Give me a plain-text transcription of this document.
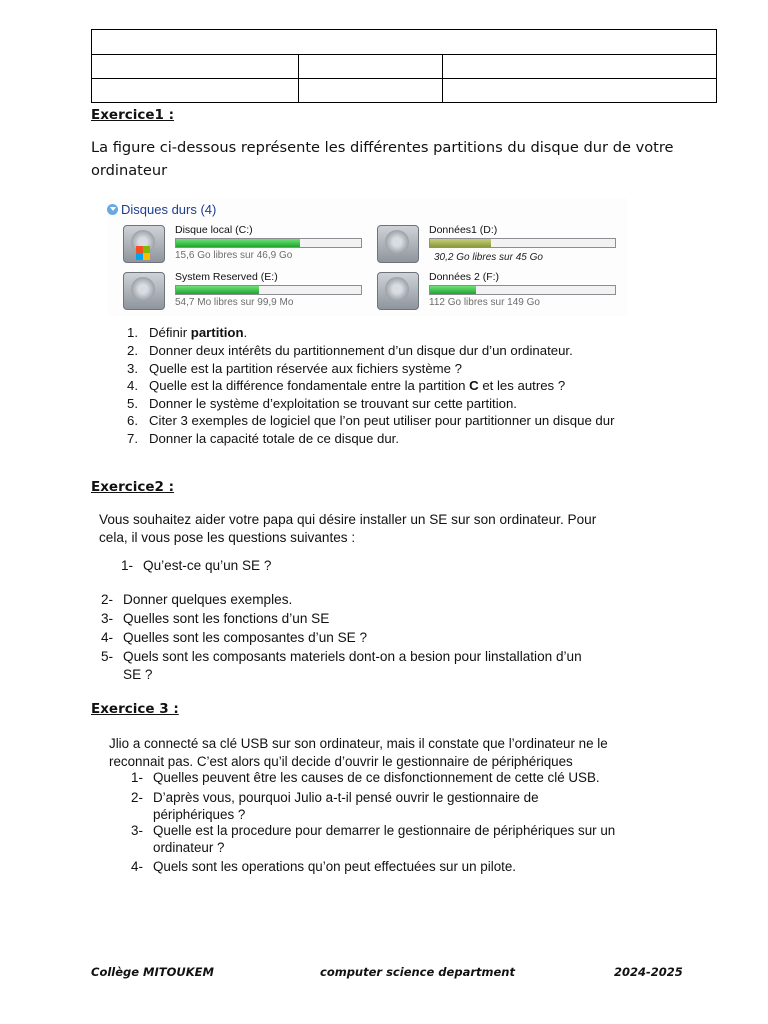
Exercice1 :
La figure ci-dessous représente les différentes partitions du disque dur de votre
ordinateur
Disques durs (4)
Disque local (C:)
15,6 Go libres sur 46,9 Go
Données1 (D:)
30,2 Go libres sur 45 Go
System Reserved (E:)
54,7 Mo libres sur 99,9 Mo
Données 2 (F:)
112 Go libres sur 149 Go
1. Définir partition.
2. Donner deux intérêts du partitionnement d’un disque dur d’un ordinateur.
3. Quelle est la partition réservée aux fichiers système ?
4. Quelle est la différence fondamentale entre la partition C et les autres ?
5. Donner le système d’exploitation se trouvant sur cette partition.
6. Citer 3 exemples de logiciel que l’on peut utiliser pour partitionner un disque dur
7. Donner la capacité totale de ce disque dur.
Exercice2 :
Vous souhaitez aider votre papa qui désire installer un SE sur son ordinateur. Pour
cela, il vous pose les questions suivantes :
1- Qu’est-ce qu’un SE ?
2- Donner quelques exemples.
3- Quelles sont les fonctions d’un SE
4- Quelles sont les composantes d’un SE ?
5- Quels sont les composants materiels dont-on a besion pour linstallation d’un
SE ?
Exercice 3 :
Jlio a connecté sa clé USB sur son ordinateur, mais il constate que l’ordinateur ne le
reconnait pas. C’est alors qu’il decide d’ouvrir le gestionnaire de périphériques
1- Quelles peuvent être les causes de ce disfonctionnement de cette clé USB.
2- D’après vous, pourquoi Julio a-t-il pensé ouvrir le gestionnaire de
périphériques ?
3- Quelle est la procedure pour demarrer le gestionnaire de périphériques sur un
ordinateur ?
4- Quels sont les operations qu’on peut effectuées sur un pilote.
Collège MITOUKEM	computer science department	2024-2025
